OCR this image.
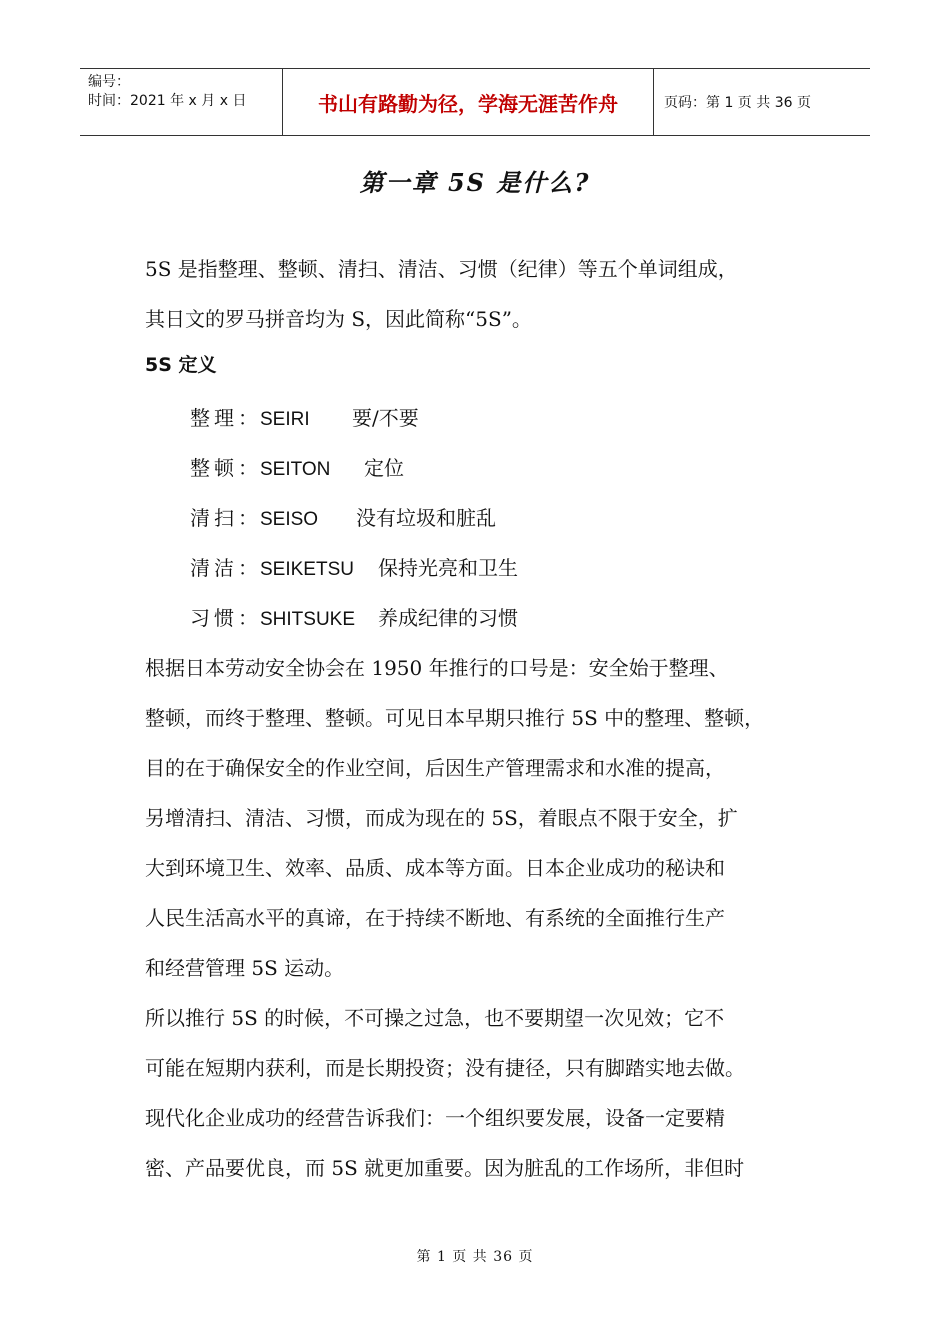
编号：
时间：2021 年 x 月 x 日	书山有路勤为径，学海无涯苦作舟	页码：第 1 页 共 36 页
第一章 5S 是什么?
5S 是指整理、整顿、清扫、清洁、习惯（纪律）等五个单词组成，
其日文的罗马拼音均为 S，因此简称“5S”。
5S 定义
整理： SEIRI 要/不要
整顿： SEITON 定位
清扫： SEISO 没有垃圾和脏乱
清洁： SEIKETSU 保持光亮和卫生
习惯： SHITSUKE 养成纪律的习惯
根据日本劳动安全协会在 1950 年推行的口号是：安全始于整理、
整顿，而终于整理、整顿。可见日本早期只推行 5S 中的整理、整顿，
目的在于确保安全的作业空间，后因生产管理需求和水准的提高，
另增清扫、清洁、习惯，而成为现在的 5S，着眼点不限于安全，扩
大到环境卫生、效率、品质、成本等方面。日本企业成功的秘诀和
人民生活高水平的真谛，在于持续不断地、有系统的全面推行生产
和经营管理 5S 运动。
所以推行 5S 的时候，不可操之过急，也不要期望一次见效；它不
可能在短期内获利，而是长期投资；没有捷径，只有脚踏实地去做。
现代化企业成功的经营告诉我们：一个组织要发展，设备一定要精
密、产品要优良，而 5S 就更加重要。因为脏乱的工作场所，非但时
第 1 页 共 36 页
